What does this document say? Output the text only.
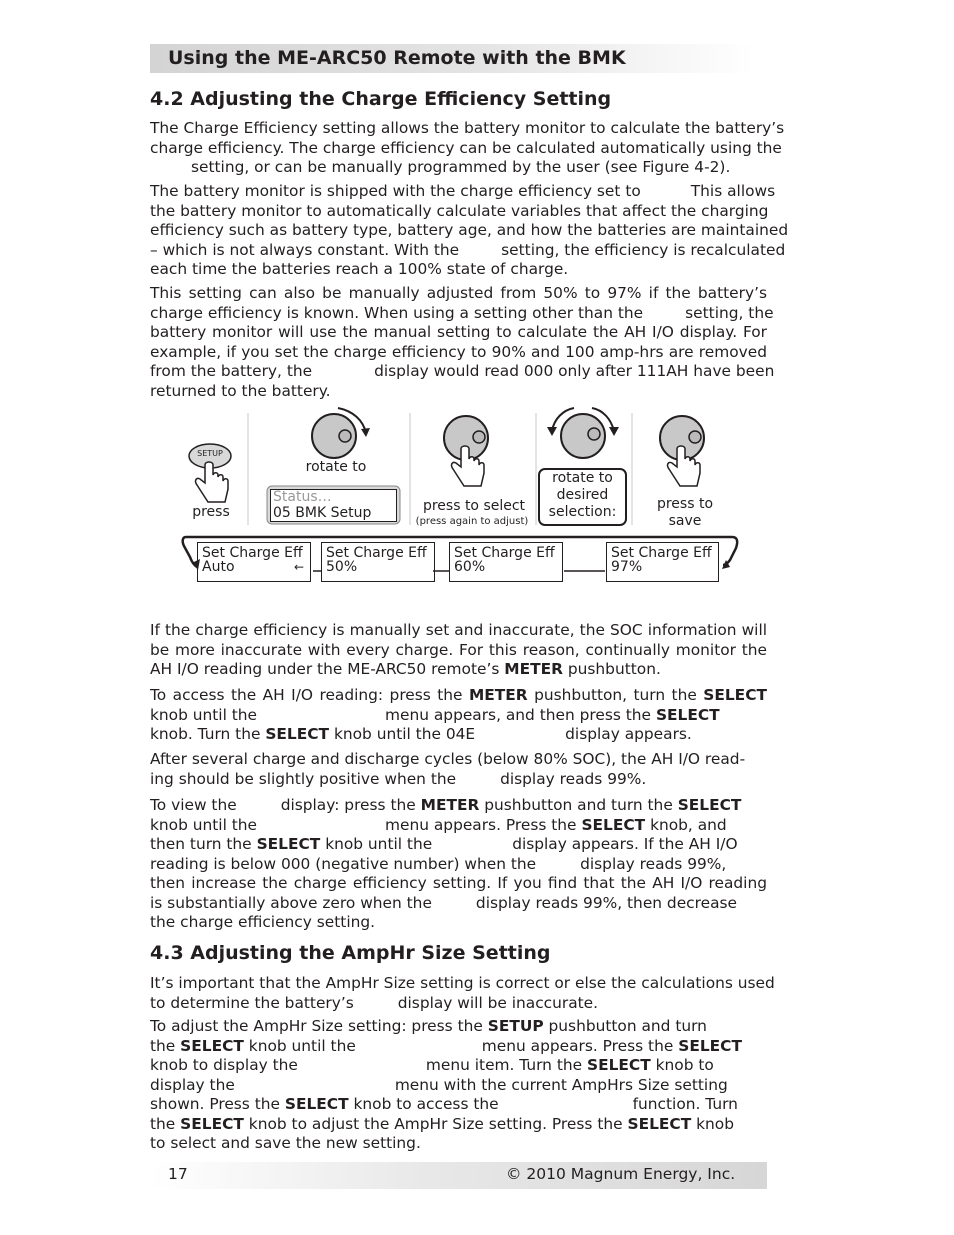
Using the ME-ARC50 Remote with the BMK
4.2 Adjusting the Charge Efficiency Setting
The Charge Efficiency setting allows the battery monitor to calculate the battery’s
charge efficiency. The charge efficiency can be calculated automatically using the
setting, or can be manually programmed by the user (see Figure 4-2).
The battery monitor is shipped with the charge efficiency set to	This allows
the battery monitor to automatically calculate variables that affect the charging
efficiency such as battery type, battery age, and how the batteries are maintained
– which is not always constant. With the	setting, the efficiency is recalculated
each time the batteries reach a 100% state of charge.
This setting can also be manually adjusted from 50% to 97% if the battery’s
charge efficiency is known. When using a setting other than the	setting, the
battery monitor will use the manual setting to calculate the AH I/O display. For
example, if you set the charge efficiency to 90% and 100 amp-hrs are removed
from the battery, the	display would read 000 only after 111AH have been
returned to the battery.
SETUP
press
rotate to
Status…
05 BMK Setup	press to select
(press again to adjust)
rotate to
desired
selection:	press to
save
Set Charge Eff
Auto	←
Set Charge Eff
50%
Set Charge Eff
60%
Set Charge Eff
97%
If the charge efficiency is manually set and inaccurate, the SOC information will
be more inaccurate with every charge. For this reason, continually monitor the
AH I/O reading under the ME-ARC50 remote’s METER pushbutton.
To access the AH I/O reading: press the METER pushbutton, turn the SELECT
knob until the	menu appears, and then press the SELECT
knob. Turn the SELECT knob until the 04E	display appears.
After several charge and discharge cycles (below 80% SOC), the AH I/O read-
ing should be slightly positive when the	display reads 99%.
To view the	display: press the METER pushbutton and turn the SELECT
knob until the	menu appears. Press the SELECT knob, and
then turn the SELECT knob until the	display appears. If the AH I/O
reading is below 000 (negative number) when the	display reads 99%,
then increase the charge efficiency setting. If you find that the AH I/O reading
is substantially above zero when the	display reads 99%, then decrease
the charge efficiency setting.
4.3 Adjusting the AmpHr Size Setting
It’s important that the AmpHr Size setting is correct or else the calculations used
to determine the battery’s	display will be inaccurate.
To adjust the AmpHr Size setting: press the SETUP pushbutton and turn
the SELECT knob until the	menu appears. Press the SELECT
knob to display the	menu item. Turn the SELECT knob to
display the	menu with the current AmpHrs Size setting
shown. Press the SELECT knob to access the	function. Turn
the SELECT knob to adjust the AmpHr Size setting. Press the SELECT knob
to select and save the new setting.
17	© 2010 Magnum Energy, Inc.
